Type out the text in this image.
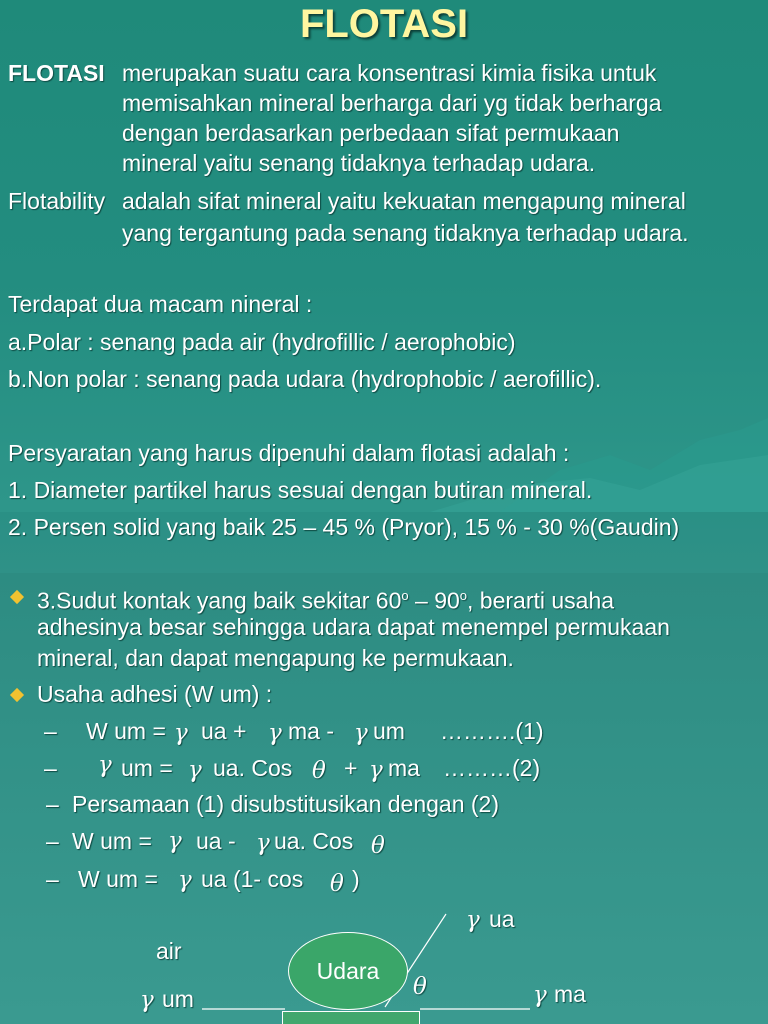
FLOTASI
FLOTASI merupakan suatu cara konsentrasi kimia fisika untuk
memisahkan mineral berharga dari yg tidak berharga
dengan berdasarkan perbedaan sifat permukaan
mineral yaitu senang tidaknya terhadap udara.
Flotability adalah sifat mineral yaitu kekuatan mengapung mineral
yang tergantung pada senang tidaknya terhadap udara.
Terdapat dua macam nineral :
a.Polar : senang pada air (hydrofillic / aerophobic)
b.Non polar : senang pada udara (hydrophobic / aerofillic).
Persyaratan yang harus dipenuhi dalam flotasi adalah :
1. Diameter partikel harus sesuai dengan butiran mineral.
2. Persen solid yang baik 25 – 45 % (Pryor), 15 % - 30 %(Gaudin)
3.Sudut kontak yang baik sekitar 60$^o$ – 90$^o$, berarti usaha
adhesinya besar sehingga udara dapat menempel permukaan
mineral, dan dapat mengapung ke permukaan.
Usaha adhesi (W um) :
– W um = γ ua + γ ma - γ um ……….(1)
– γ um = γ ua. Cos θ + γ ma ………(2)
– Persamaan (1) disubstitusikan dengan (2)
– W um = γ ua - γ ua. Cos θ
– W um = γ ua (1- cos θ )
Udara
air
γ um
γ ua
γ ma
θ
